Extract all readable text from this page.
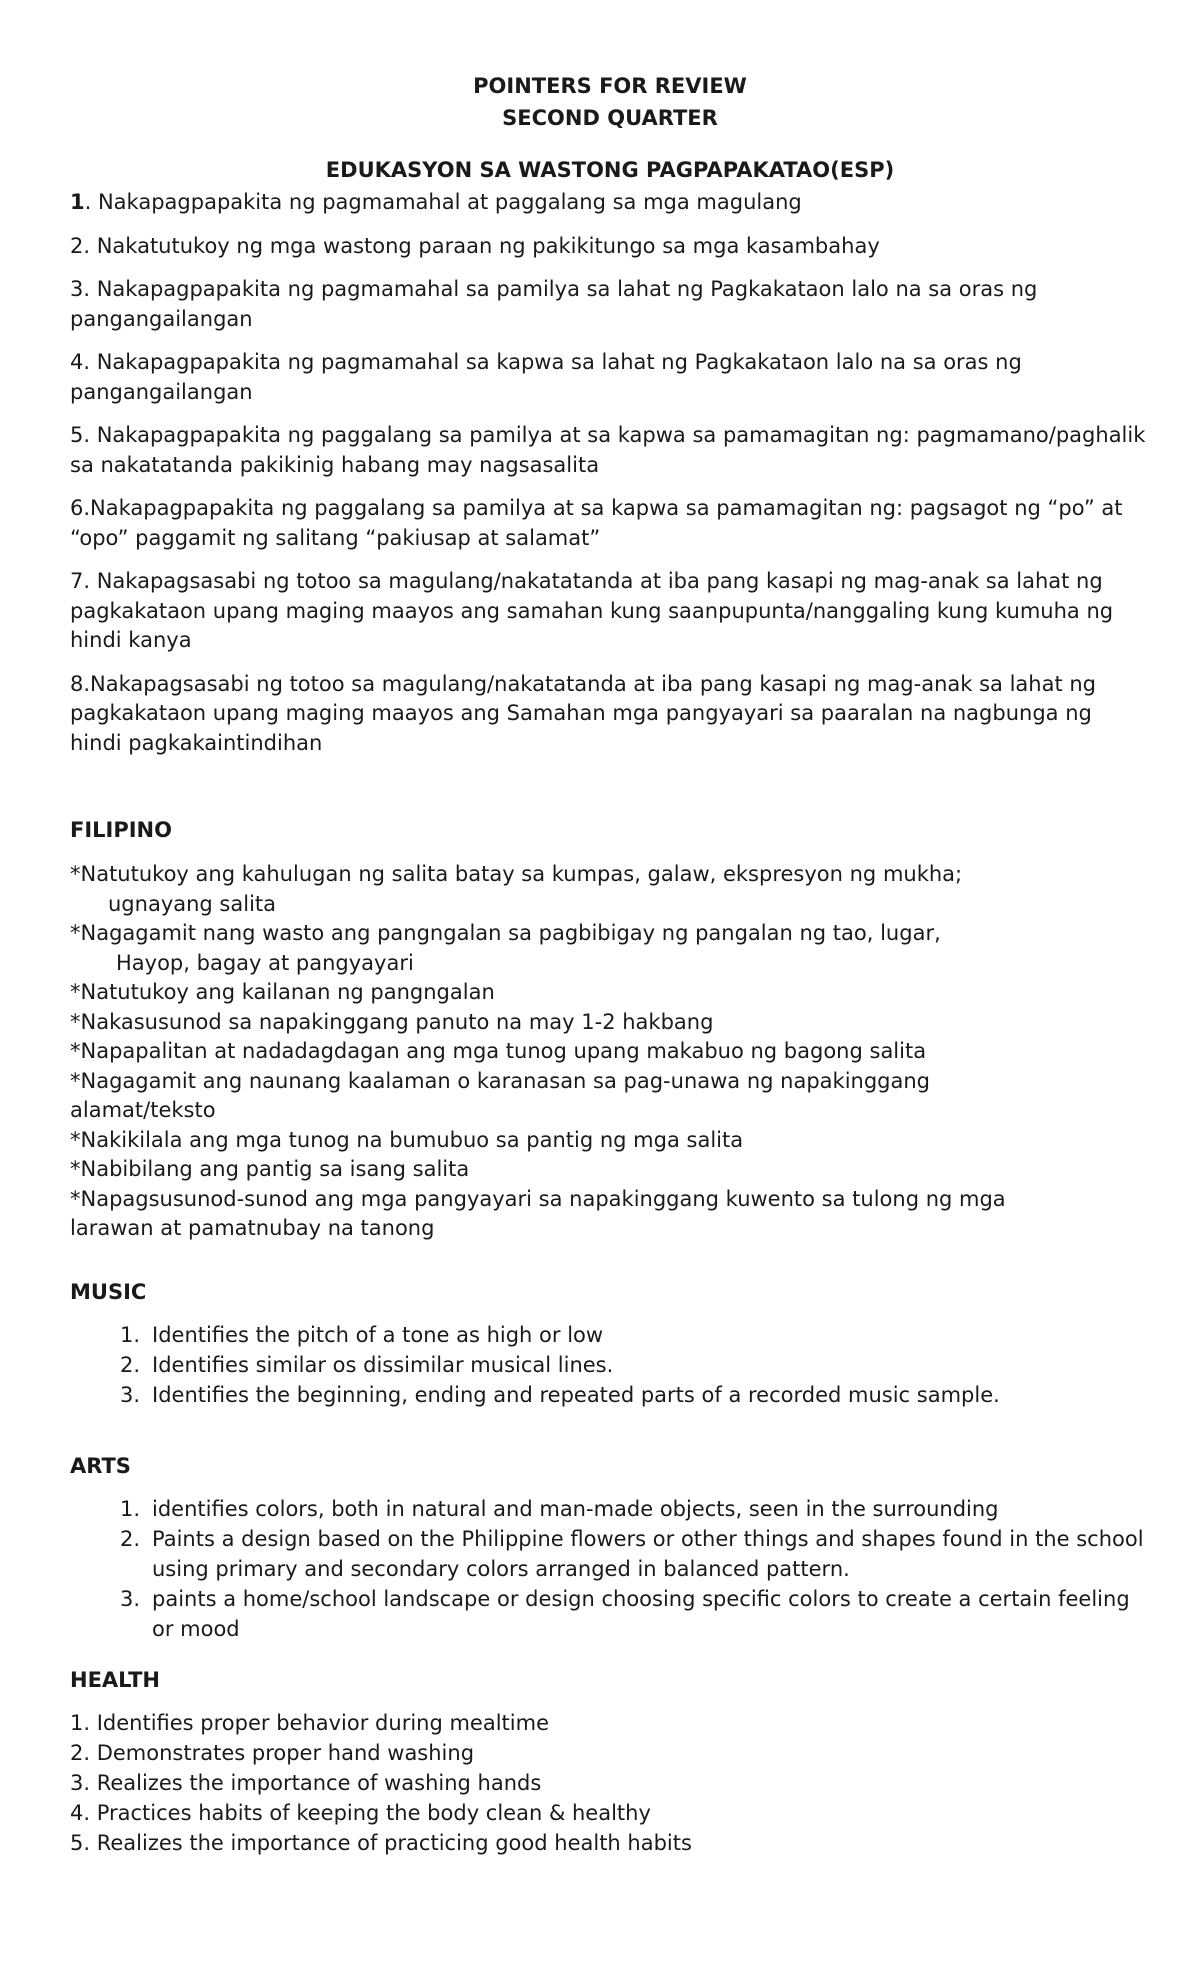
POINTERS FOR REVIEW
SECOND QUARTER
EDUKASYON SA WASTONG PAGPAPAKATAO(ESP)
1. Nakapagpapakita ng pagmamahal at paggalang sa mga magulang
2. Nakatutukoy ng mga wastong paraan ng pakikitungo sa mga kasambahay
3. Nakapagpapakita ng pagmamahal sa pamilya sa lahat ng Pagkakataon lalo na sa oras ng pangangailangan
4. Nakapagpapakita ng pagmamahal sa kapwa sa lahat ng Pagkakataon lalo na sa oras ng pangangailangan
5. Nakapagpapakita ng paggalang sa pamilya at sa kapwa sa pamamagitan ng: pagmamano/paghalik sa nakatatanda pakikinig habang may nagsasalita
6.Nakapagpapakita ng paggalang sa pamilya at sa kapwa sa pamamagitan ng: pagsagot ng “po” at “opo” paggamit ng salitang “pakiusap at salamat”
7. Nakapagsasabi ng totoo sa magulang/nakatatanda at iba pang kasapi ng mag-anak sa lahat ng pagkakataon upang maging maayos ang samahan kung saanpupunta/nanggaling kung kumuha ng hindi kanya
8.Nakapagsasabi ng totoo sa magulang/nakatatanda at iba pang kasapi ng mag-anak sa lahat ng pagkakataon upang maging maayos ang Samahan mga pangyayari sa paaralan na nagbunga ng hindi pagkakaintindihan
FILIPINO
*Natutukoy ang kahulugan ng salita batay sa kumpas, galaw, ekspresyon ng mukha;
ugnayang salita
*Nagagamit nang wasto ang pangngalan sa pagbibigay ng pangalan ng tao, lugar,
Hayop, bagay at pangyayari
*Natutukoy ang kailanan ng pangngalan
*Nakasusunod sa napakinggang panuto na may 1-2 hakbang
*Napapalitan at nadadagdagan ang mga tunog upang makabuo ng bagong salita
*Nagagamit ang naunang kaalaman o karanasan sa pag-unawa ng napakinggang
alamat/teksto
*Nakikilala ang mga tunog na bumubuo sa pantig ng mga salita
*Nabibilang ang pantig sa isang salita
*Napagsusunod-sunod ang mga pangyayari sa napakinggang kuwento sa tulong ng mga
larawan at pamatnubay na tanong
MUSIC
1. Identifies the pitch of a tone as high or low
2. Identifies similar os dissimilar musical lines.
3. Identifies the beginning, ending and repeated parts of a recorded music sample.
ARTS
1. identifies colors, both in natural and man-made objects, seen in the surrounding
2. Paints a design based on the Philippine flowers or other things and shapes found in the school using primary and secondary colors arranged in balanced pattern.
3. paints a home/school landscape or design choosing specific colors to create a certain feeling or mood
HEALTH
1. Identifies proper behavior during mealtime
2. Demonstrates proper hand washing
3. Realizes the importance of washing hands
4. Practices habits of keeping the body clean & healthy
5. Realizes the importance of practicing good health habits
